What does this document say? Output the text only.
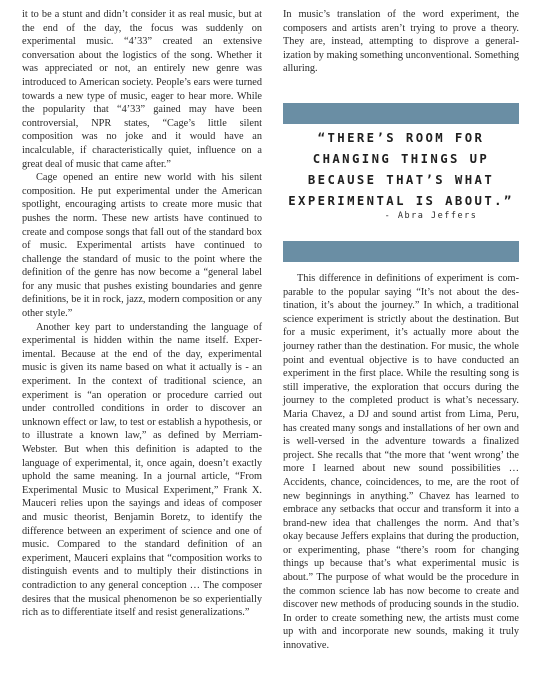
it to be a stunt and didn’t consider it as real music, but at the end of the day, the focus was suddenly on experimental music. “4’33” created an extensive conversation about the logistics of the song. Whether it was appreciated or not, an entirely new genre was introduced to American society. People’s ears were turned towards a new type of music, eager to hear more. While the popularity that “4’33” gained may have been controversial, NPR states, “Cage’s little silent composition was no joke and it would have an incalculable, if characteristically quiet, influence on a great deal of music that came after.”

Cage opened an entire new world with his silent composition. He put experimental under the American spotlight, encouraging artists to create more music that pushes the norm. These new artists have continued to create and compose songs that fall out of the standard box of music. Experimental artists have continued to challenge the standard of music to the point where the definition of the genre has now become a “general label for any music that pushes existing boundaries and genre definitions, be it in rock, jazz, modern composition or any other style.”

Another key part to understanding the language of experimental is hidden within the name itself. Experimental. Because at the end of the day, experimental music is given its name based on what it actually is - an experiment. In the context of traditional science, an experiment is “an operation or procedure carried out under controlled conditions in order to discover an unknown effect or law, to test or establish a hypothesis, or to illustrate a known law,” as defined by Merriam-Webster. But when this definition is adapted to the language of experimental, it, once again, doesn’t exactly uphold the same meaning. In a journal article, “From Experimental Music to Musical Experiment,” Frank X. Mauceri relies upon the sayings and ideas of composer and music theorist, Benjamin Boretz, to identify the difference between an experiment of science and one of music. Compared to the standard definition of an experiment, Mauceri explains that “composition works to distinguish events and to multiply their distinctions in contradiction to any general conception … The composer desires that the musical phenomenon be so experientially rich as to differentiate itself and resist generalizations.”

In music’s translation of the word experiment, the composers and artists aren’t trying to prove a theory. They are, instead, attempting to disprove a generalization by making something unconventional. Something alluring.

“THERE’S ROOM FOR
CHANGING THINGS UP
BECAUSE THAT’S WHAT
EXPERIMENTAL IS ABOUT.”

- Abra Jeffers

This difference in definitions of experiment is comparable to the popular saying “It’s not about the destination, it’s about the journey.” In which, a traditional science experiment is strictly about the destination. But for a music experiment, it’s actually more about the journey rather than the destination. For music, the whole point and eventual objective is to have conducted an experiment in the first place. While the resulting song is still imperative, the exploration that occurs during the journey to the completed product is what’s necessary. Maria Chavez, a DJ and sound artist from Lima, Peru, has created many songs and installations of her own and is well-versed in the adventure towards a finalized project. She recalls that “the more that ‘went wrong’ the more I learned about new sound possibilities … Accidents, chance, coincidences, to me, are the root of new beginnings in anything.” Chavez has learned to embrace any setbacks that occur and transform it into a brand-new idea that challenges the norm. And that’s okay because Jeffers explains that during the production, or experimenting, phase “there’s room for changing things up because that’s what experimental music is about.” The purpose of what would be the procedure in the common science lab has now become to create and discover new methods of producing sounds in the studio. In order to create something new, the artists must come up with and incorporate new sounds, making it truly innovative.
